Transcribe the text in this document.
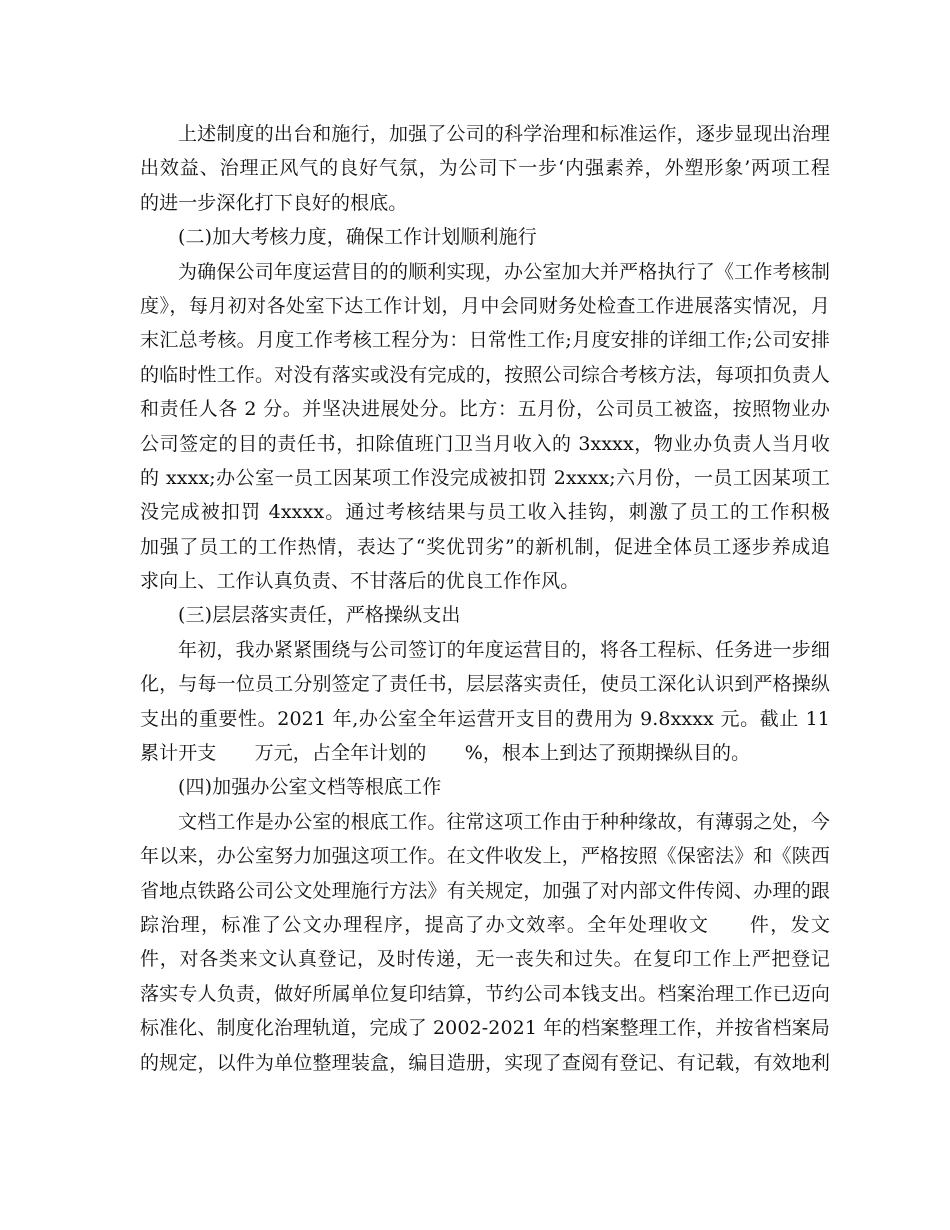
上述制度的出台和施行，加强了公司的科学治理和标准运作，逐步显现出治理
出效益、治理正风气的良好气氛，为公司下一步‘内强素养，外塑形象’两项工程
的进一步深化打下良好的根底。
(二)加大考核力度，确保工作计划顺利施行
为确保公司年度运营目的的顺利实现，办公室加大并严格执行了《工作考核制
度》，每月初对各处室下达工作计划，月中会同财务处检查工作进展落实情况，月
末汇总考核。月度工作考核工程分为：日常性工作;月度安排的详细工作;公司安排
的临时性工作。对没有落实或没有完成的，按照公司综合考核方法，每项扣负责人
和责任人各 2 分。并坚决进展处分。比方：五月份，公司员工被盗，按照物业办
公司签定的目的责任书，扣除值班门卫当月收入的 3xxxx，物业办负责人当月收
的 xxxx;办公室一员工因某项工作没完成被扣罚 2xxxx;六月份，一员工因某项工
没完成被扣罚 4xxxx。通过考核结果与员工收入挂钩，刺激了员工的工作积极
加强了员工的工作热情，表达了“奖优罚劣”的新机制，促进全体员工逐步养成追
求向上、工作认真负责、不甘落后的优良工作作风。
(三)层层落实责任，严格操纵支出
年初，我办紧紧围绕与公司签订的年度运营目的，将各工程标、任务进一步细
化，与每一位员工分别签定了责任书，层层落实责任，使员工深化认识到严格操纵
支出的重要性。2021 年,办公室全年运营开支目的费用为 9.8xxxx 元。截止 11
累计开支　　万元，占全年计划的　　%，根本上到达了预期操纵目的。
(四)加强办公室文档等根底工作
文档工作是办公室的根底工作。往常这项工作由于种种缘故，有薄弱之处，今
年以来，办公室努力加强这项工作。在文件收发上，严格按照《保密法》和《陕西
省地点铁路公司公文处理施行方法》有关规定，加强了对内部文件传阅、办理的跟
踪治理，标准了公文办理程序，提高了办文效率。全年处理收文　　件，发文
件，对各类来文认真登记，及时传递，无一丧失和过失。在复印工作上严把登记
落实专人负责，做好所属单位复印结算，节约公司本钱支出。档案治理工作已迈向
标准化、制度化治理轨道，完成了 2002-2021 年的档案整理工作，并按省档案局
的规定，以件为单位整理装盒，编目造册，实现了查阅有登记、有记载，有效地利
